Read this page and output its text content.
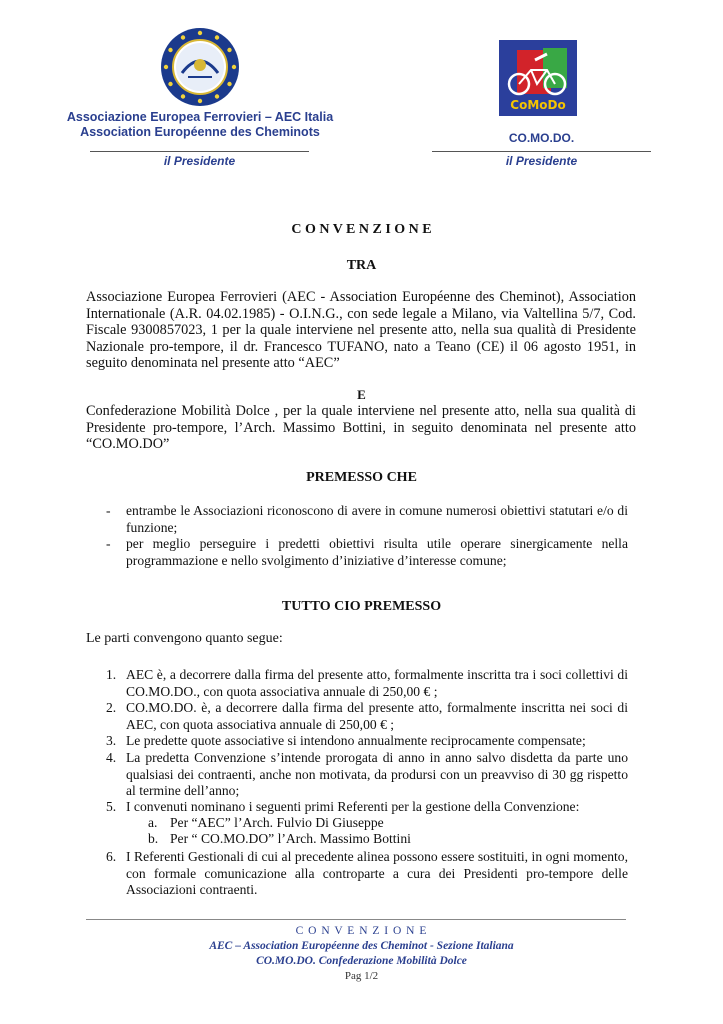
Associazione Europea Ferrovieri – AEC Italia
Association Européenne des Cheminots
il Presidente
CoMoDo
CO.MO.DO.
il Presidente
C O N V E N Z I O N E
TRA
Associazione Europea Ferrovieri (AEC - Association Européenne des Cheminot), Association Internationale (A.R. 04.02.1985) - O.I.N.G., con sede legale a Milano, via Valtellina 5/7, Cod. Fiscale 9300857023, 1 per la quale interviene nel presente atto, nella sua qualità di Presidente Nazionale pro-tempore, il dr. Francesco TUFANO, nato a Teano (CE) il 06 agosto 1951, in seguito denominata nel presente atto “AEC”
E
Confederazione Mobilità Dolce , per la quale interviene nel presente atto, nella sua qualità di Presidente pro-tempore, l’Arch. Massimo Bottini, in seguito denominata nel presente atto “CO.MO.DO”
PREMESSO CHE
- entrambe le Associazioni riconoscono di avere in comune numerosi obiettivi statutari e/o di funzione;
- per meglio perseguire i predetti obiettivi risulta utile operare sinergicamente nella programmazione e nello svolgimento d’iniziative d’interesse comune;
TUTTO CIO PREMESSO
Le parti convengono quanto segue:
1. AEC è, a decorrere dalla firma del presente atto, formalmente inscritta tra i soci collettivi di CO.MO.DO., con quota associativa annuale di 250,00 € ;
2. CO.MO.DO. è, a decorrere dalla firma del presente atto, formalmente inscritta nei soci di AEC, con quota associativa annuale di 250,00 € ;
3. Le predette quote associative si intendono annualmente reciprocamente compensate;
4. La predetta Convenzione s’intende prorogata di anno in anno salvo disdetta da parte uno qualsiasi dei contraenti, anche non motivata, da prodursi con un preavviso di 30 gg rispetto al termine dell’anno;
5. I convenuti nominano i seguenti primi Referenti per la gestione della Convenzione:
a. Per “AEC” l’Arch. Fulvio Di Giuseppe
b. Per “ CO.MO.DO” l’Arch. Massimo Bottini
6. I Referenti Gestionali di cui al precedente alinea possono essere sostituiti, in ogni momento, con formale comunicazione alla controparte a cura dei Presidenti pro-tempore delle Associazioni contraenti.
C O N V E N Z I O N E
AEC – Association Européenne des Cheminot - Sezione Italiana
CO.MO.DO. Confederazione Mobilità Dolce
Pag 1/2
